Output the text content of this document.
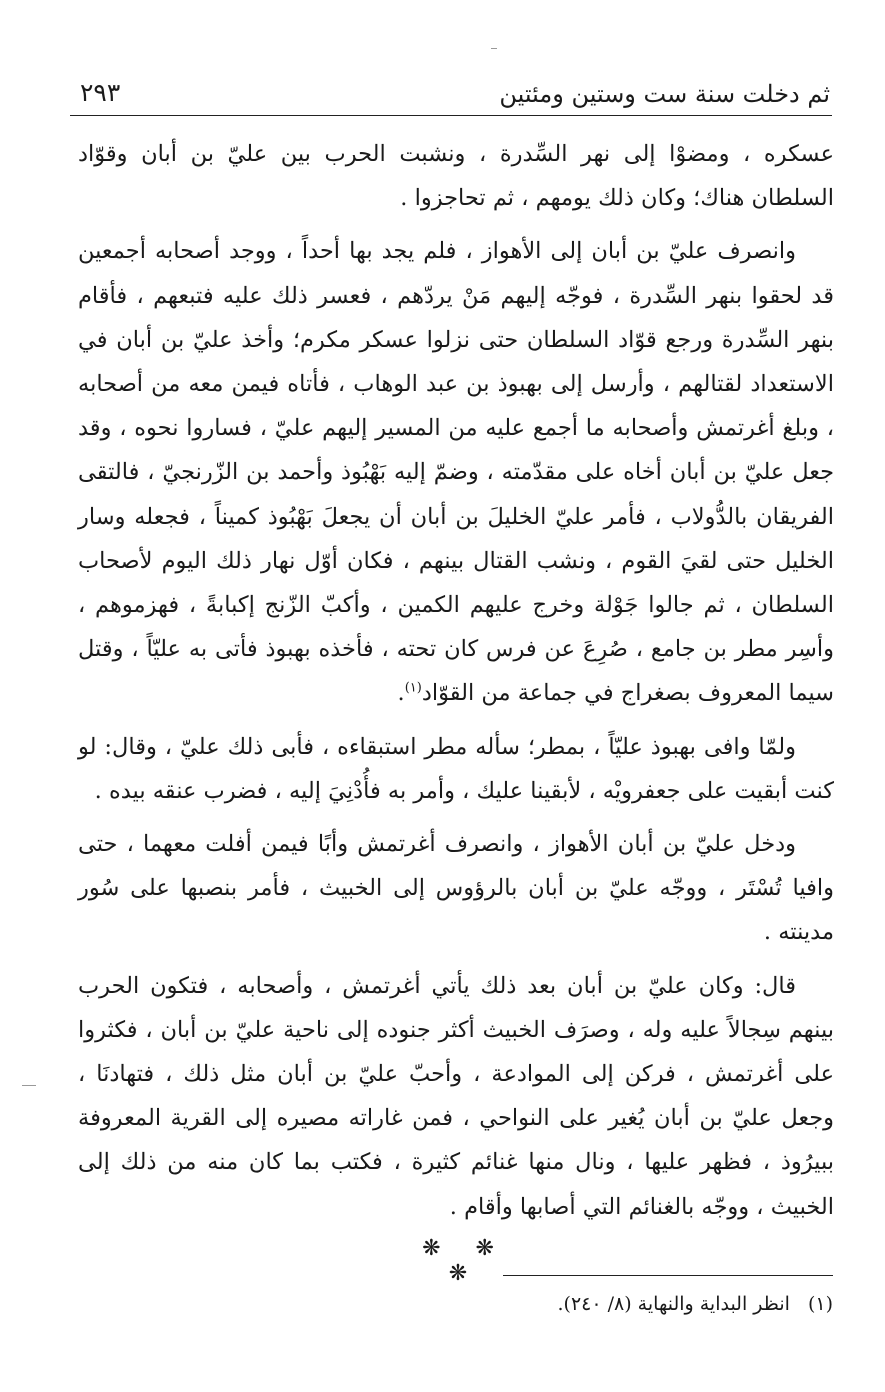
٢٩٣	ثم دخلت سنة ست وستين ومئتين

عسكره ، ومضوْا إلى نهر السِّدرة ، ونشبت الحرب بين عليّ بن أبان وقوّاد السلطان هناك؛ وكان ذلك يومهم ، ثم تحاجزوا .

وانصرف عليّ بن أبان إلى الأهواز ، فلم يجد بها أحداً ، ووجد أصحابه أجمعين قد لحقوا بنهر السِّدرة ، فوجّه إليهم مَنْ يردّهم ، فعسر ذلك عليه فتبعهم ، فأقام بنهر السِّدرة ورجع قوّاد السلطان حتى نزلوا عسكر مكرم؛ وأخذ عليّ بن أبان في الاستعداد لقتالهم ، وأرسل إلى بهبوذ بن عبد الوهاب ، فأتاه فيمن معه من أصحابه ، وبلغ أغرتمش وأصحابه ما أجمع عليه من المسير إليهم عليّ ، فساروا نحوه ، وقد جعل عليّ بن أبان أخاه على مقدّمته ، وضمّ إليه بَهْبُوذ وأحمد بن الزّرنجيّ ، فالتقى الفريقان بالدُّولاب ، فأمر عليّ الخليلَ بن أبان أن يجعلَ بَهْبُوذ كميناً ، فجعله وسار الخليل حتى لقيَ القوم ، ونشب القتال بينهم ، فكان أوّل نهار ذلك اليوم لأصحاب السلطان ، ثم جالوا جَوْلة وخرج عليهم الكمين ، وأكبّ الزّنج إكبابةً ، فهزموهم ، وأسِر مطر بن جامع ، صُرِعَ عن فرس كان تحته ، فأخذه بهبوذ فأتى به عليّاً ، وقتل سيما المعروف بصغراج في جماعة من القوّاد$^{(١)}$.

ولمّا وافى بهبوذ عليّاً ، بمطر؛ سأله مطر استبقاءه ، فأبى ذلك عليّ ، وقال: لو كنت أبقيت على جعفرويْه ، لأبقينا عليك ، وأمر به فأُدْنِيَ إليه ، فضرب عنقه بيده .

ودخل عليّ بن أبان الأهواز ، وانصرف أغرتمش وأبًا فيمن أفلت معهما ، حتى وافيا تُسْتَر ، ووجّه عليّ بن أبان بالرؤوس إلى الخبيث ، فأمر بنصبها على سُور مدينته .

قال: وكان عليّ بن أبان بعد ذلك يأتي أغرتمش ، وأصحابه ، فتكون الحرب بينهم سِجالاً عليه وله ، وصرَف الخبيث أكثر جنوده إلى ناحية عليّ بن أبان ، فكثروا على أغرتمش ، فركن إلى الموادعة ، وأحبّ عليّ بن أبان مثل ذلك ، فتهادنَا ، وجعل عليّ بن أبان يُغير على النواحي ، فمن غاراته مصيره إلى القرية المعروفة ببيرُوذ ، فظهر عليها ، ونال منها غنائم كثيرة ، فكتب بما كان منه من ذلك إلى الخبيث ، ووجّه بالغنائم التي أصابها وأقام .

❋ ❋ ❋
(١)انظر البداية والنهاية (٨/ ٢٤٠).
